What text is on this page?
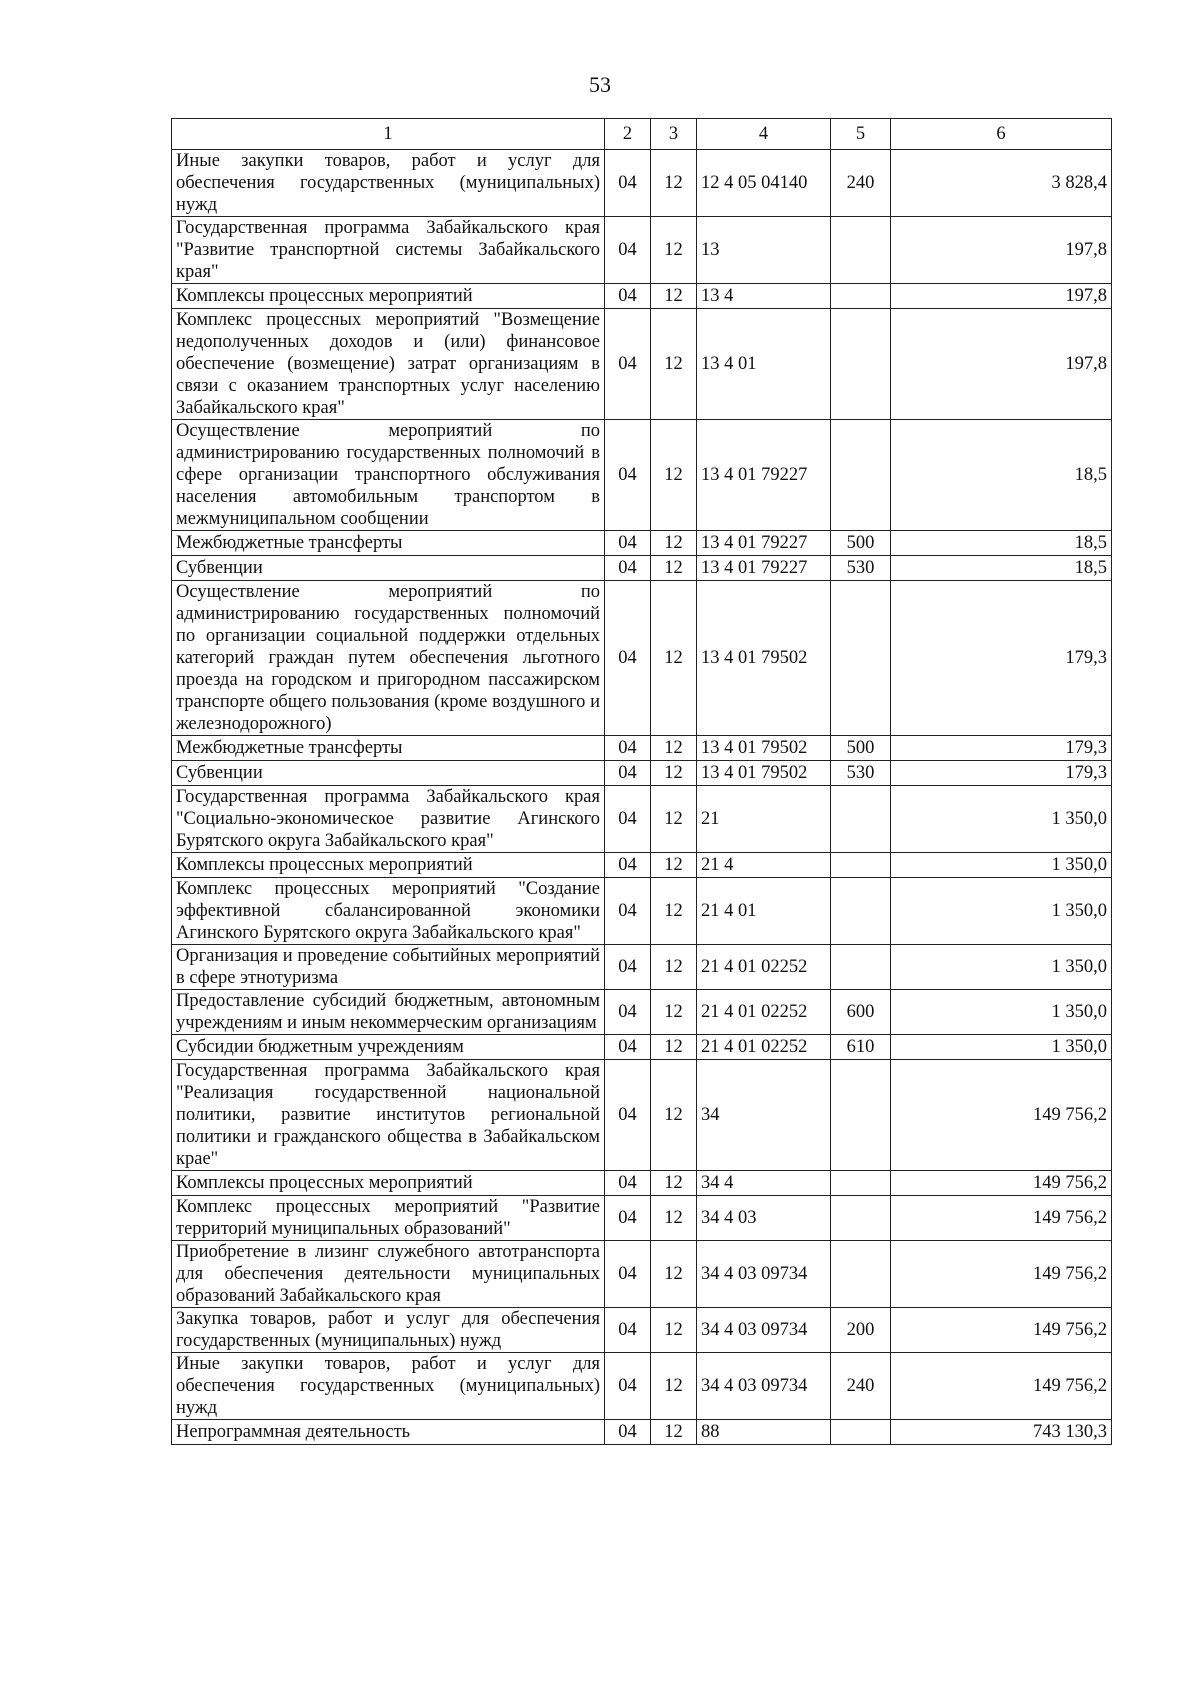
53
1	2	3	4	5	6
Иные закупки товаров, работ и услуг для обеспечения государственных (муниципальных) нужд	04	12	12 4 05 04140	240	3 828,4
Государственная программа Забайкальского края "Развитие транспортной системы Забайкальского края"	04	12	13		197,8
Комплексы процессных мероприятий	04	12	13 4		197,8
Комплекс процессных мероприятий "Возмещение недополученных доходов и (или) финансовое обеспечение (возмещение) затрат организациям в связи с оказанием транспортных услуг населению Забайкальского края"	04	12	13 4 01		197,8
Осуществление мероприятий по администрированию государственных полномочий в сфере организации транспортного обслуживания населения автомобильным транспортом в межмуниципальном сообщении	04	12	13 4 01 79227		18,5
Межбюджетные трансферты	04	12	13 4 01 79227	500	18,5
Субвенции	04	12	13 4 01 79227	530	18,5
Осуществление мероприятий по администрированию государственных полномочий по организации социальной поддержки отдельных категорий граждан путем обеспечения льготного проезда на городском и пригородном пассажирском транспорте общего пользования (кроме воздушного и железнодорожного)	04	12	13 4 01 79502		179,3
Межбюджетные трансферты	04	12	13 4 01 79502	500	179,3
Субвенции	04	12	13 4 01 79502	530	179,3
Государственная программа Забайкальского края "Социально-экономическое развитие Агинского Бурятского округа Забайкальского края"	04	12	21		1 350,0
Комплексы процессных мероприятий	04	12	21 4		1 350,0
Комплекс процессных мероприятий "Создание эффективной сбалансированной экономики Агинского Бурятского округа Забайкальского края"	04	12	21 4 01		1 350,0
Организация и проведение событийных мероприятий в сфере этнотуризма	04	12	21 4 01 02252		1 350,0
Предоставление субсидий бюджетным, автономным учреждениям и иным некоммерческим организациям	04	12	21 4 01 02252	600	1 350,0
Субсидии бюджетным учреждениям	04	12	21 4 01 02252	610	1 350,0
Государственная программа Забайкальского края "Реализация государственной национальной политики, развитие институтов региональной политики и гражданского общества в Забайкальском крае"	04	12	34		149 756,2
Комплексы процессных мероприятий	04	12	34 4		149 756,2
Комплекс процессных мероприятий "Развитие территорий муниципальных образований"	04	12	34 4 03		149 756,2
Приобретение в лизинг служебного автотранспорта для обеспечения деятельности муниципальных образований Забайкальского края	04	12	34 4 03 09734		149 756,2
Закупка товаров, работ и услуг для обеспечения государственных (муниципальных) нужд	04	12	34 4 03 09734	200	149 756,2
Иные закупки товаров, работ и услуг для обеспечения государственных (муниципальных) нужд	04	12	34 4 03 09734	240	149 756,2
Непрограммная деятельность	04	12	88		743 130,3
